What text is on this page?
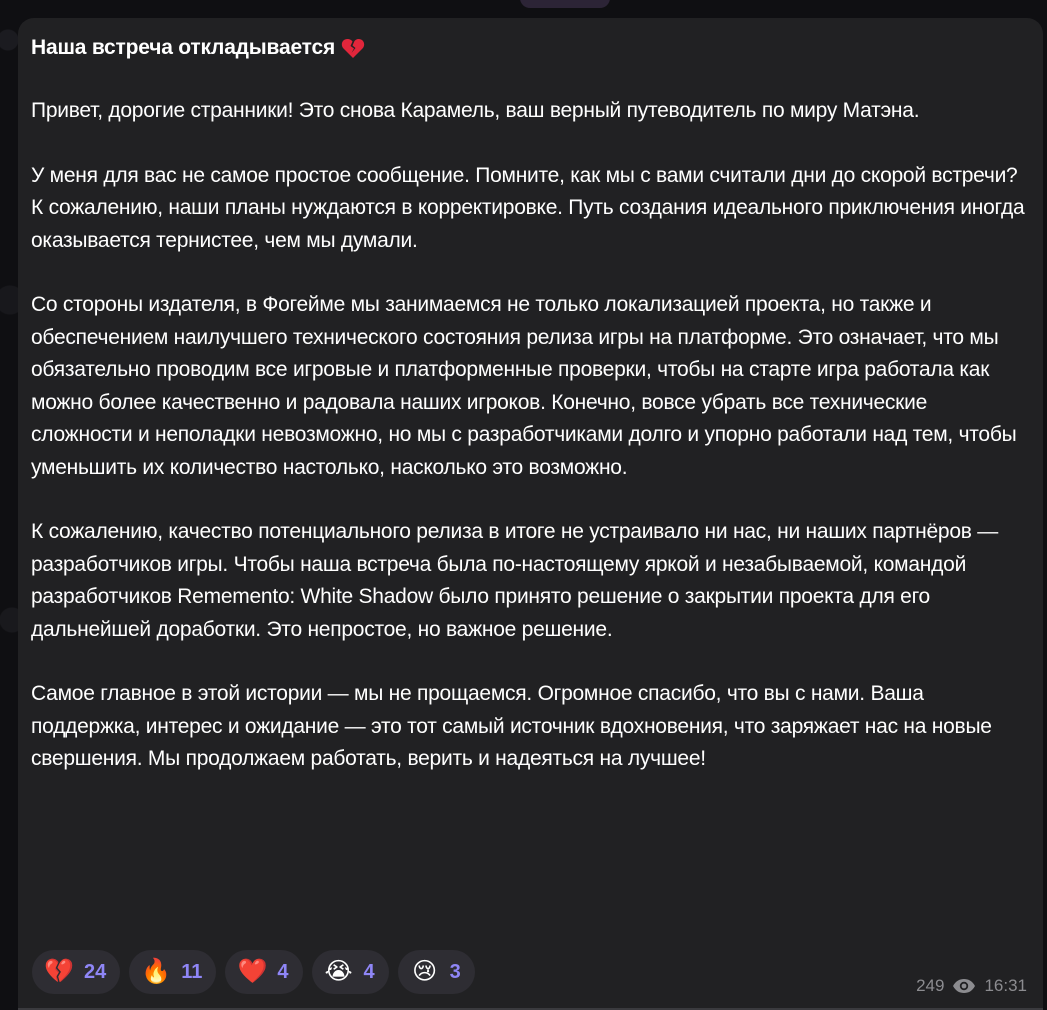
Наша встреча откладывается

Привет, дорогие странники! Это снова Карамель, ваш верный путеводитель по миру Матэна.

У меня для вас не самое простое сообщение. Помните, как мы с вами считали дни до скорой встречи? К сожалению, наши планы нуждаются в корректировке. Путь создания идеального приключения иногда оказывается тернистее, чем мы думали.

Со стороны издателя, в Фогейме мы занимаемся не только локализацией проекта, но также и обеспечением наилучшего технического состояния релиза игры на платформе. Это означает, что мы обязательно проводим все игровые и платформенные проверки, чтобы на старте игра работала как можно более качественно и радовала наших игроков. Конечно, вовсе убрать все технические сложности и неполадки невозможно, но мы с разработчиками долго и упорно работали над тем, чтобы уменьшить их количество настолько, насколько это возможно.

К сожалению, качество потенциального релиза в итоге не устраивало ни нас, ни наших партнёров — разработчиков игры. Чтобы наша встреча была по-настоящему яркой и незабываемой, командой разработчиков Rememento: White Shadow было принято решение о закрытии проекта для его дальнейшей доработки. Это непростое, но важное решение.

Самое главное в этой истории — мы не прощаемся. Огромное спасибо, что вы с нами. Ваша поддержка, интерес и ожидание — это тот самый источник вдохновения, что заряжает нас на новые свершения. Мы продолжаем работать, верить и надеяться на лучшее!

💔 24 🔥 11 ❤️ 4 😭 4 😢 3
249 16:31
